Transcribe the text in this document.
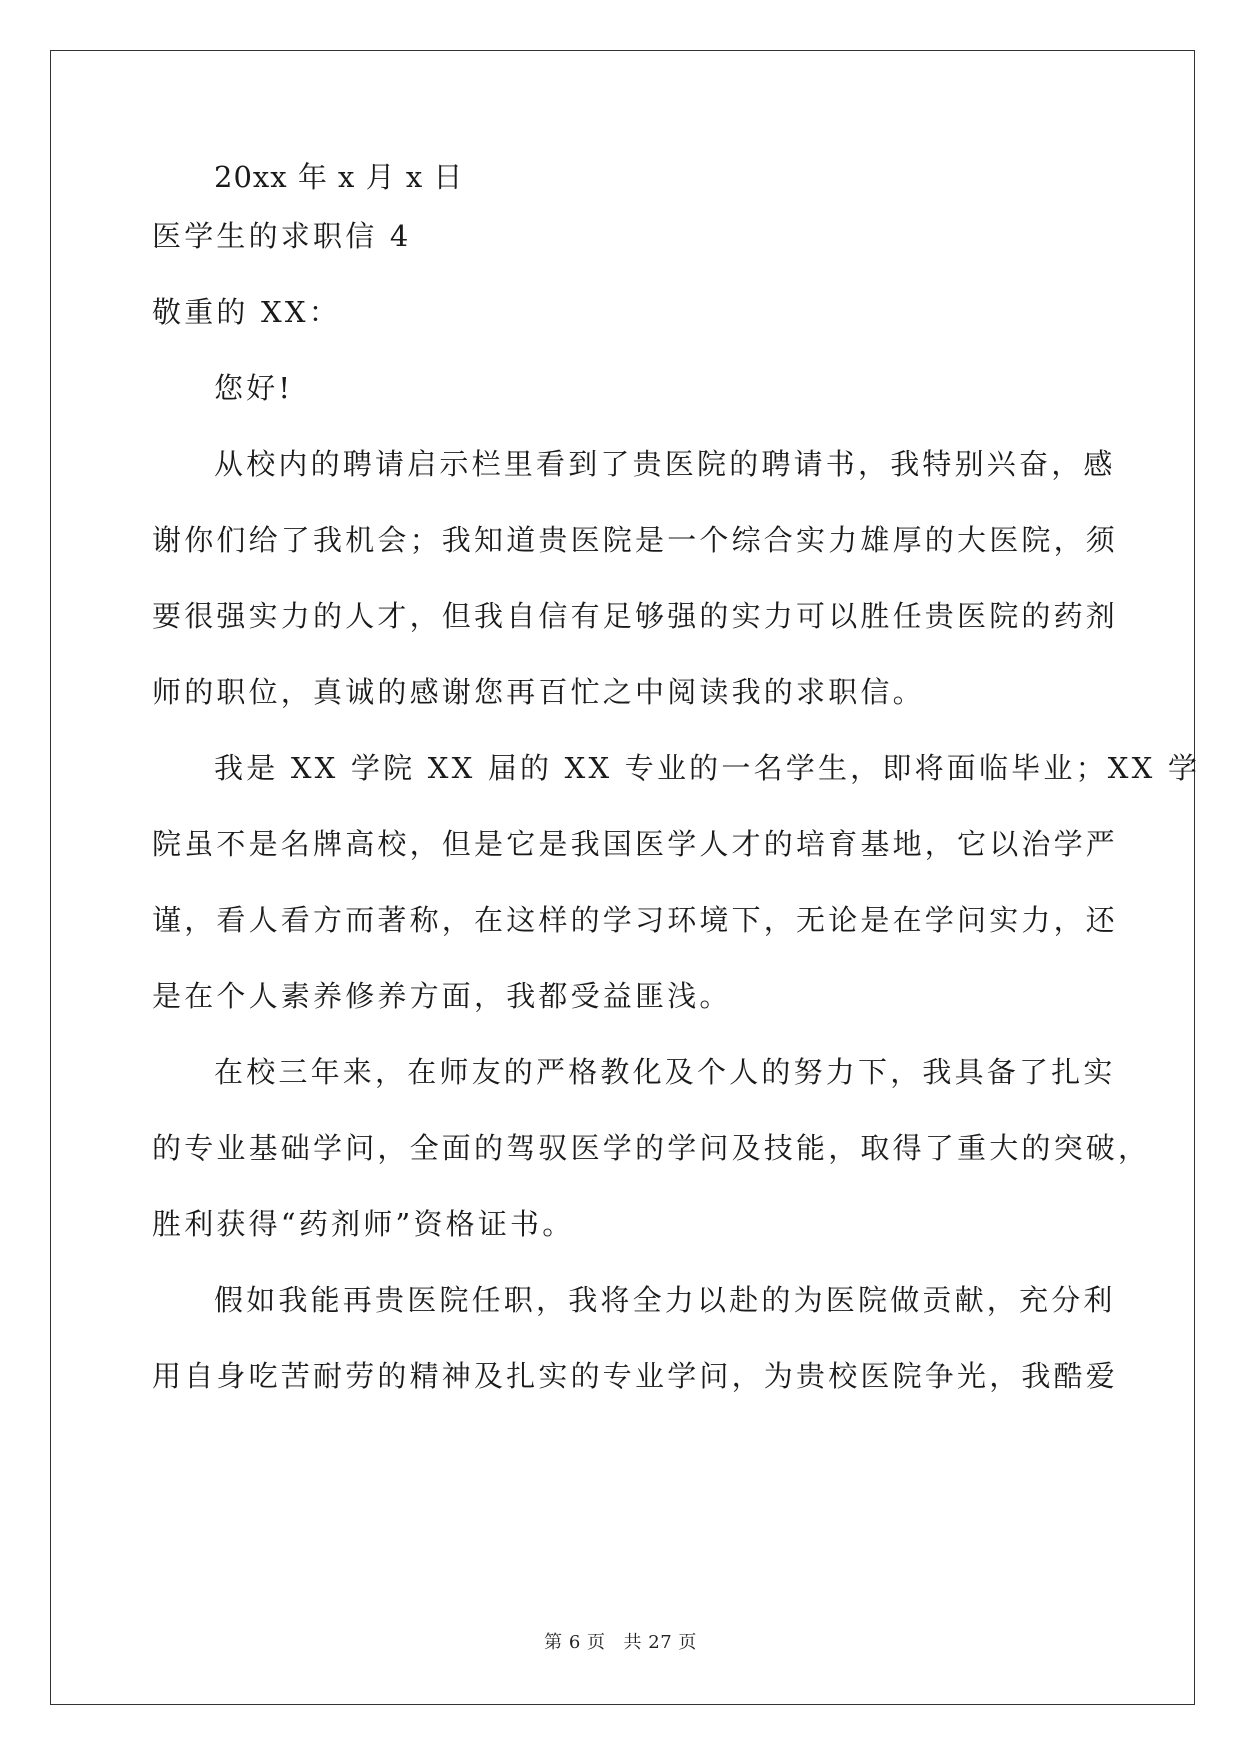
20xx 年 x 月 x 日
医学生的求职信 4
敬重的 XX：
您好!
从校内的聘请启示栏里看到了贵医院的聘请书，我特别兴奋，感
谢你们给了我机会；我知道贵医院是一个综合实力雄厚的大医院，须
要很强实力的人才，但我自信有足够强的实力可以胜任贵医院的药剂
师的职位，真诚的感谢您再百忙之中阅读我的求职信。
我是 XX 学院 XX 届的 XX 专业的一名学生，即将面临毕业；XX 学
院虽不是名牌高校，但是它是我国医学人才的培育基地，它以治学严
谨，看人看方而著称，在这样的学习环境下，无论是在学问实力，还
是在个人素养修养方面，我都受益匪浅。
在校三年来，在师友的严格教化及个人的努力下，我具备了扎实
的专业基础学问，全面的驾驭医学的学问及技能，取得了重大的突破，
胜利获得“药剂师”资格证书。
假如我能再贵医院任职，我将全力以赴的为医院做贡献，充分利
用自身吃苦耐劳的精神及扎实的专业学问，为贵校医院争光，我酷爱
第 6 页 共 27 页
